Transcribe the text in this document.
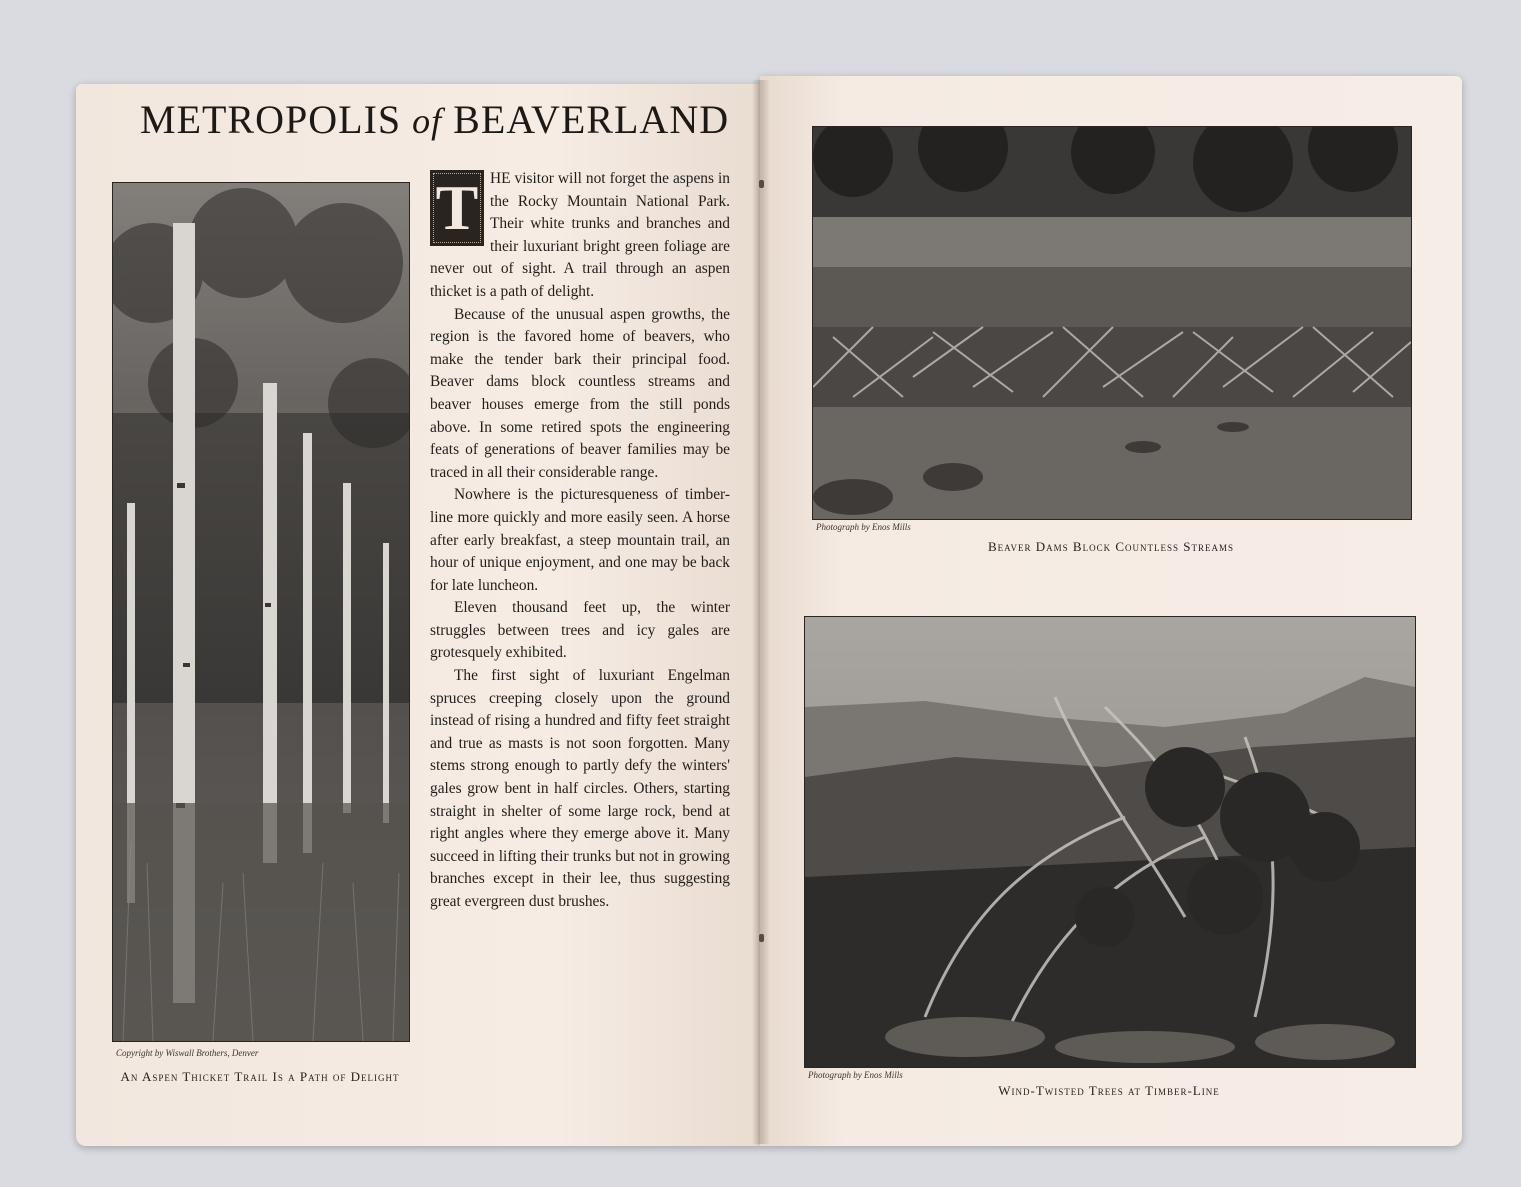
METROPOLIS of BEAVERLAND
Copyright by Wiswall Brothers, Denver
An Aspen Thicket Trail Is a Path of Delight
T HE visitor will not forget the aspens in the Rocky Mountain National Park. Their white trunks and branches and their luxuriant bright green foliage are never out of sight. A trail through an aspen thicket is a path of delight.

Because of the unusual aspen growths, the region is the favored home of beavers, who make the tender bark their principal food. Beaver dams block countless streams and beaver houses emerge from the still ponds above. In some retired spots the engineering feats of generations of beaver families may be traced in all their considerable range.

Nowhere is the picturesqueness of timber-line more quickly and more easily seen. A horse after early breakfast, a steep mountain trail, an hour of unique enjoyment, and one may be back for late luncheon.

Eleven thousand feet up, the winter struggles between trees and icy gales are grotesquely exhibited.

The first sight of luxuriant Engelman spruces creeping closely upon the ground instead of rising a hundred and fifty feet straight and true as masts is not soon forgotten. Many stems strong enough to partly defy the winters' gales grow bent in half circles. Others, starting straight in shelter of some large rock, bend at right angles where they emerge above it. Many succeed in lifting their trunks but not in growing branches except in their lee, thus suggesting great evergreen dust brushes.

Photograph by Enos Mills
Beaver Dams Block Countless Streams
Photograph by Enos Mills
Wind-Twisted Trees at Timber-Line
